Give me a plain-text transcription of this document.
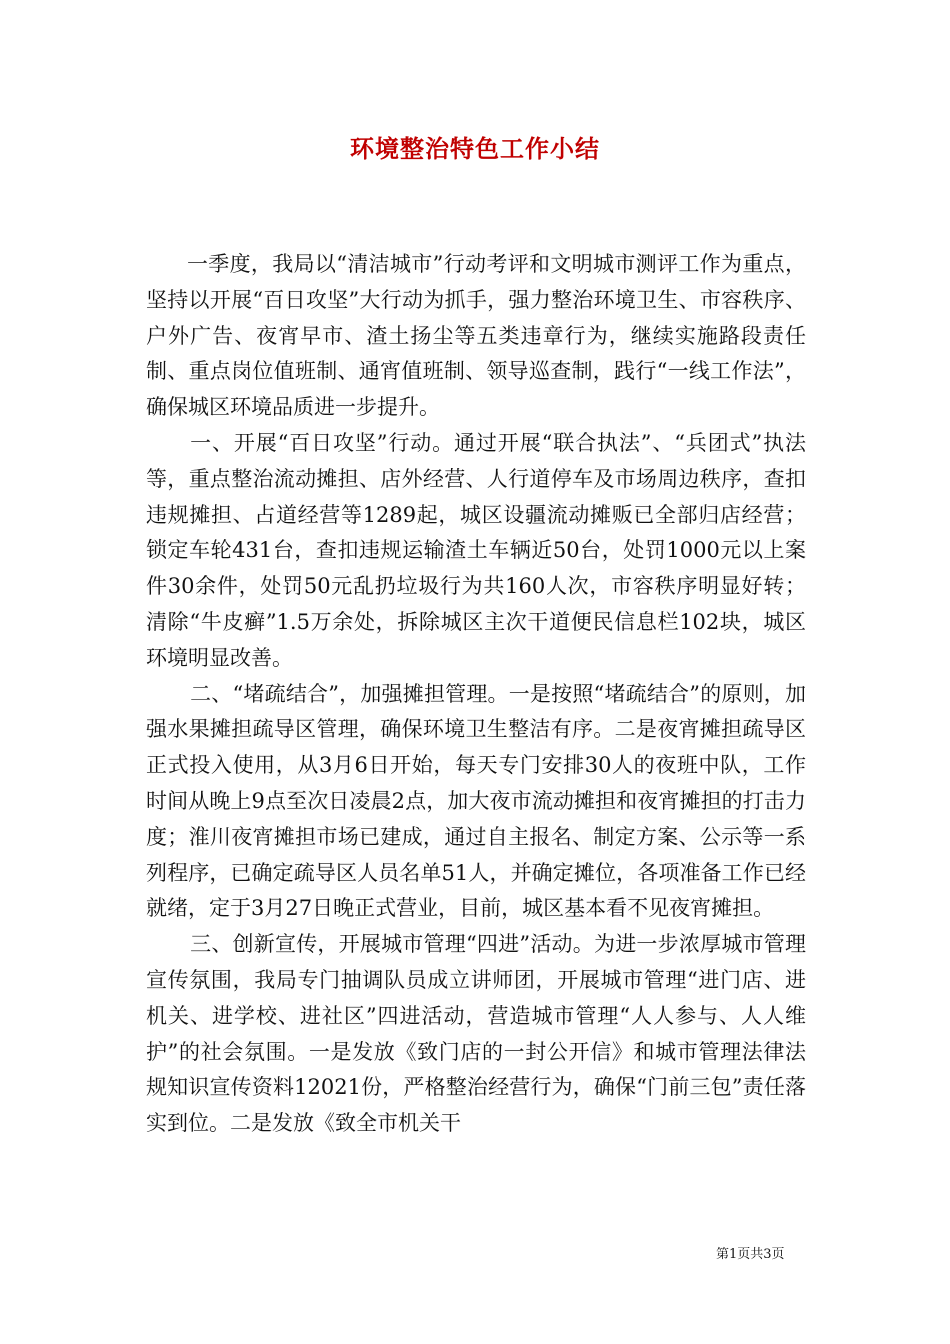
环境整治特色工作小结

一季度，我局以“清洁城市”行动考评和文明城市测评工作为重点，坚持以开展“百日攻坚”大行动为抓手，强力整治环境卫生、市容秩序、户外广告、夜宵早市、渣土扬尘等五类违章行为，继续实施路段责任制、重点岗位值班制、通宵值班制、领导巡查制，践行“一线工作法”，确保城区环境品质进一步提升。

一、开展“百日攻坚”行动。通过开展“联合执法”、“兵团式”执法等，重点整治流动摊担、店外经营、人行道停车及市场周边秩序，查扣违规摊担、占道经营等1289起，城区设疆流动摊贩已全部归店经营；锁定车轮431台，查扣违规运输渣土车辆近50台，处罚1000元以上案件30余件，处罚50元乱扔垃圾行为共160人次，市容秩序明显好转；清除“牛皮癣”1.5万余处，拆除城区主次干道便民信息栏102块，城区环境明显改善。

二、“堵疏结合”，加强摊担管理。一是按照“堵疏结合”的原则，加强水果摊担疏导区管理，确保环境卫生整洁有序。二是夜宵摊担疏导区正式投入使用，从3月6日开始，每天专门安排30人的夜班中队，工作时间从晚上9点至次日凌晨2点，加大夜市流动摊担和夜宵摊担的打击力度；淮川夜宵摊担市场已建成，通过自主报名、制定方案、公示等一系列程序，已确定疏导区人员名单51人，并确定摊位，各项准备工作已经就绪，定于3月27日晚正式营业，目前，城区基本看不见夜宵摊担。

三、创新宣传，开展城市管理“四进”活动。为进一步浓厚城市管理宣传氛围，我局专门抽调队员成立讲师团，开展城市管理“进门店、进机关、进学校、进社区”四进活动，营造城市管理“人人参与、人人维护”的社会氛围。一是发放《致门店的一封公开信》和城市管理法律法规知识宣传资料12021份，严格整治经营行为，确保“门前三包”责任落实到位。二是发放《致全市机关干

第1页共3页
